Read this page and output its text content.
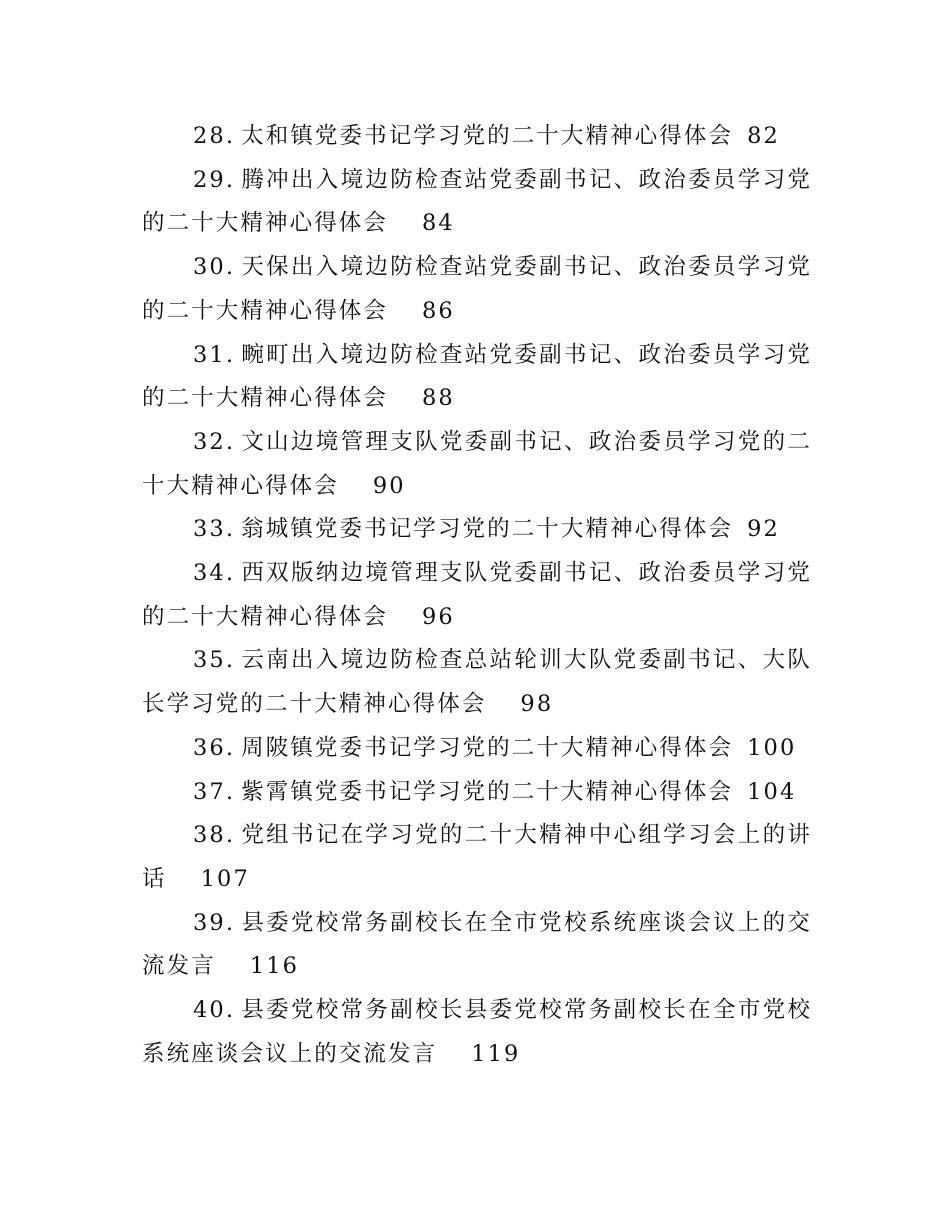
28. 太和镇党委书记学习党的二十大精神心得体会 82

29. 腾冲出入境边防检查站党委副书记、政治委员学习党的二十大精神心得体会 84

30. 天保出入境边防检查站党委副书记、政治委员学习党的二十大精神心得体会 86

31. 畹町出入境边防检查站党委副书记、政治委员学习党的二十大精神心得体会 88

32. 文山边境管理支队党委副书记、政治委员学习党的二十大精神心得体会 90

33. 翁城镇党委书记学习党的二十大精神心得体会 92

34. 西双版纳边境管理支队党委副书记、政治委员学习党的二十大精神心得体会 96

35. 云南出入境边防检查总站轮训大队党委副书记、大队长学习党的二十大精神心得体会 98

36. 周陂镇党委书记学习党的二十大精神心得体会 100

37. 紫霄镇党委书记学习党的二十大精神心得体会 104

38. 党组书记在学习党的二十大精神中心组学习会上的讲话 107

39. 县委党校常务副校长在全市党校系统座谈会议上的交流发言 116

40. 县委党校常务副校长县委党校常务副校长在全市党校系统座谈会议上的交流发言 119
